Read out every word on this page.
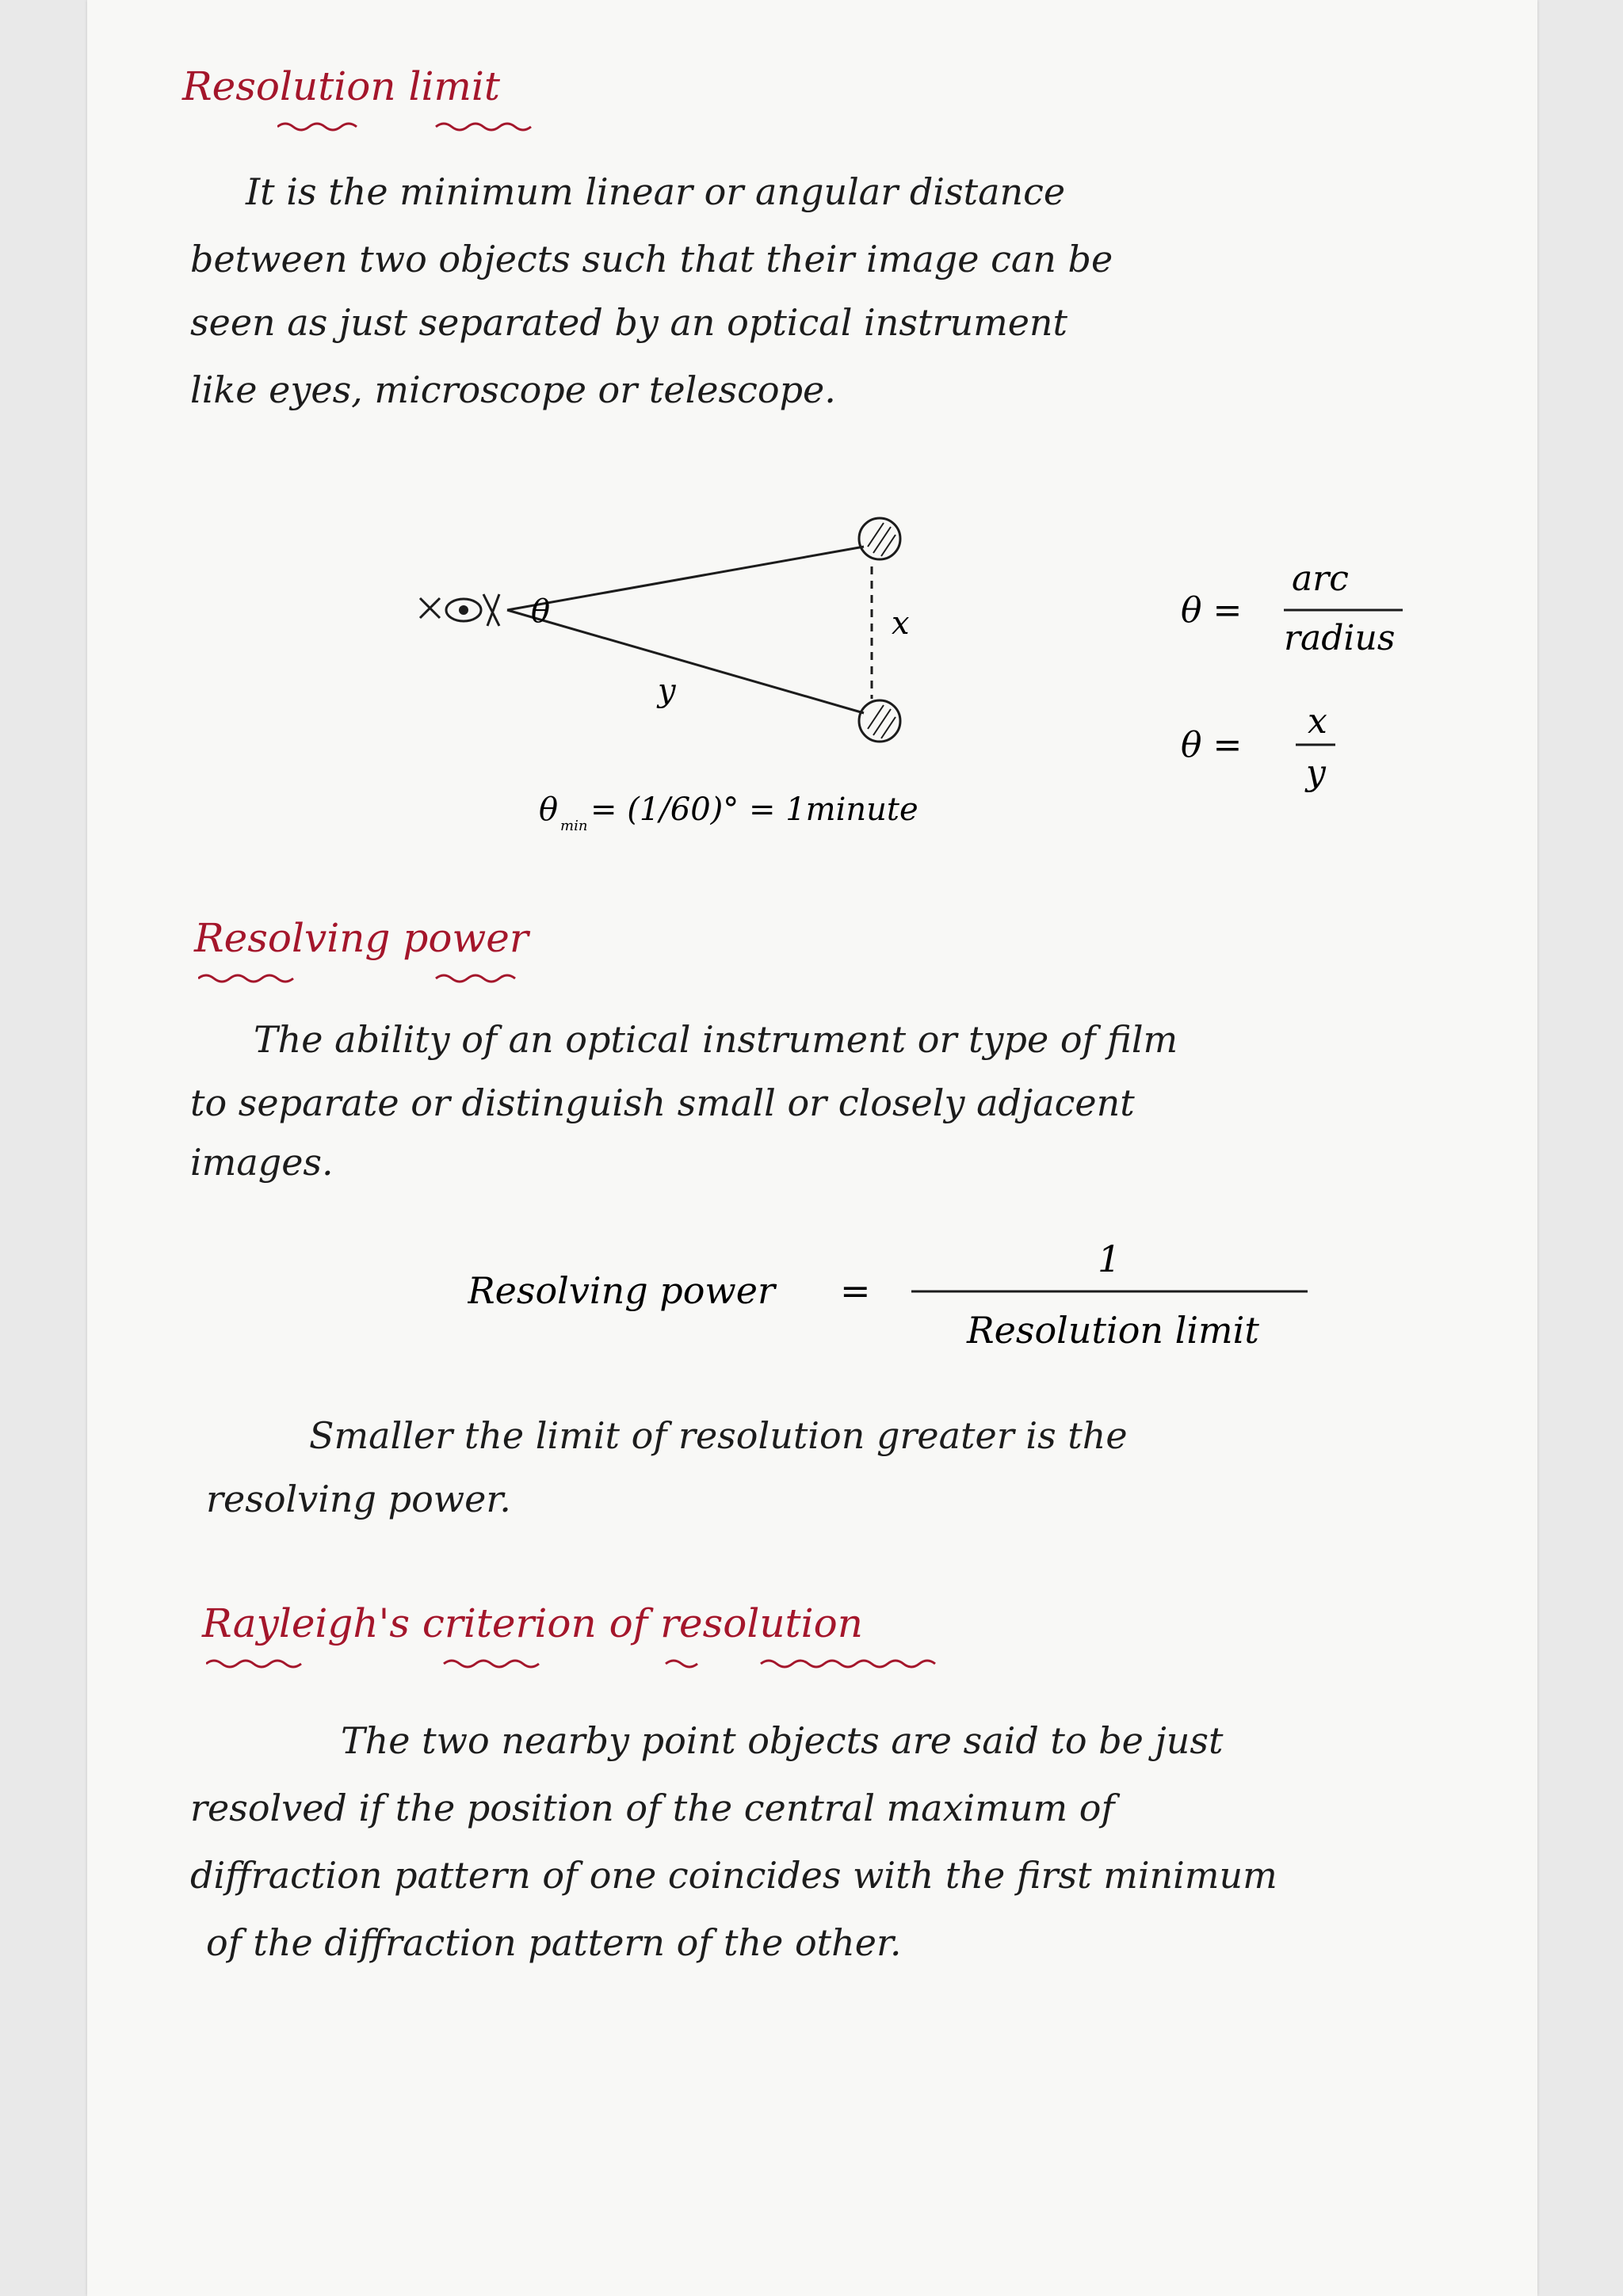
Resolution limit
It is the minimum linear or angular distance
between two objects such that their image can be
seen as just separated by an optical instrument
like eyes, microscope or telescope.
x
θ
y
θ min = (1/60)° = 1minute
θ =
arc
radius
θ =
x
y
Resolving power
The ability of an optical instrument or type of film
to separate or distinguish small or closely adjacent
images.
Resolving power =
1
Resolution limit
Smaller the limit of resolution greater is the
resolving power.
Rayleigh's criterion of resolution
The two nearby point objects are said to be just
resolved if the position of the central maximum of
diffraction pattern of one coincides with the first minimum
of the diffraction pattern of the other.
